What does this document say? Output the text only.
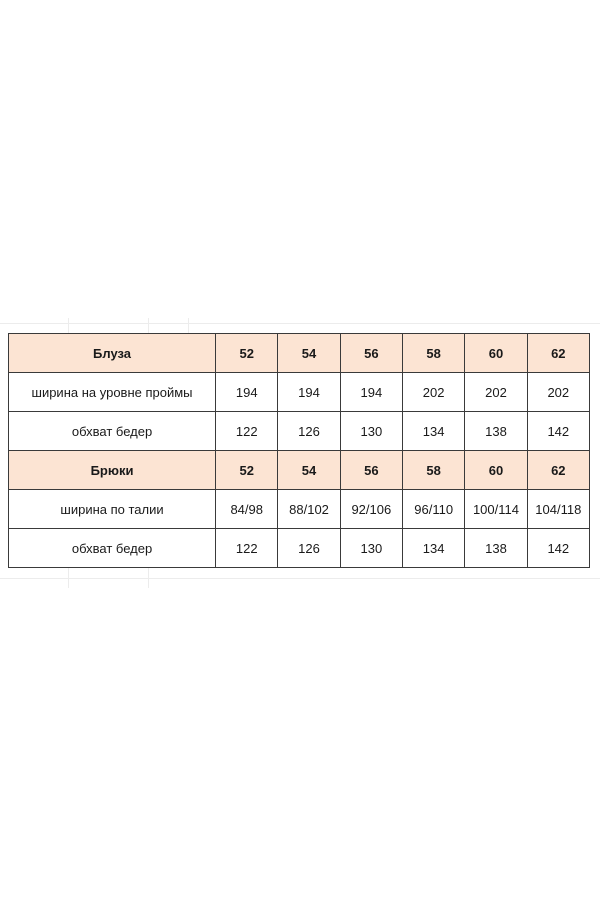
Блуза	52	54	56	58	60	62
ширина на уровне проймы	194	194	194	202	202	202
обхват бедер	122	126	130	134	138	142
Брюки	52	54	56	58	60	62
ширина по талии	84/98	88/102	92/106	96/110	100/114	104/118
обхват бедер	122	126	130	134	138	142
